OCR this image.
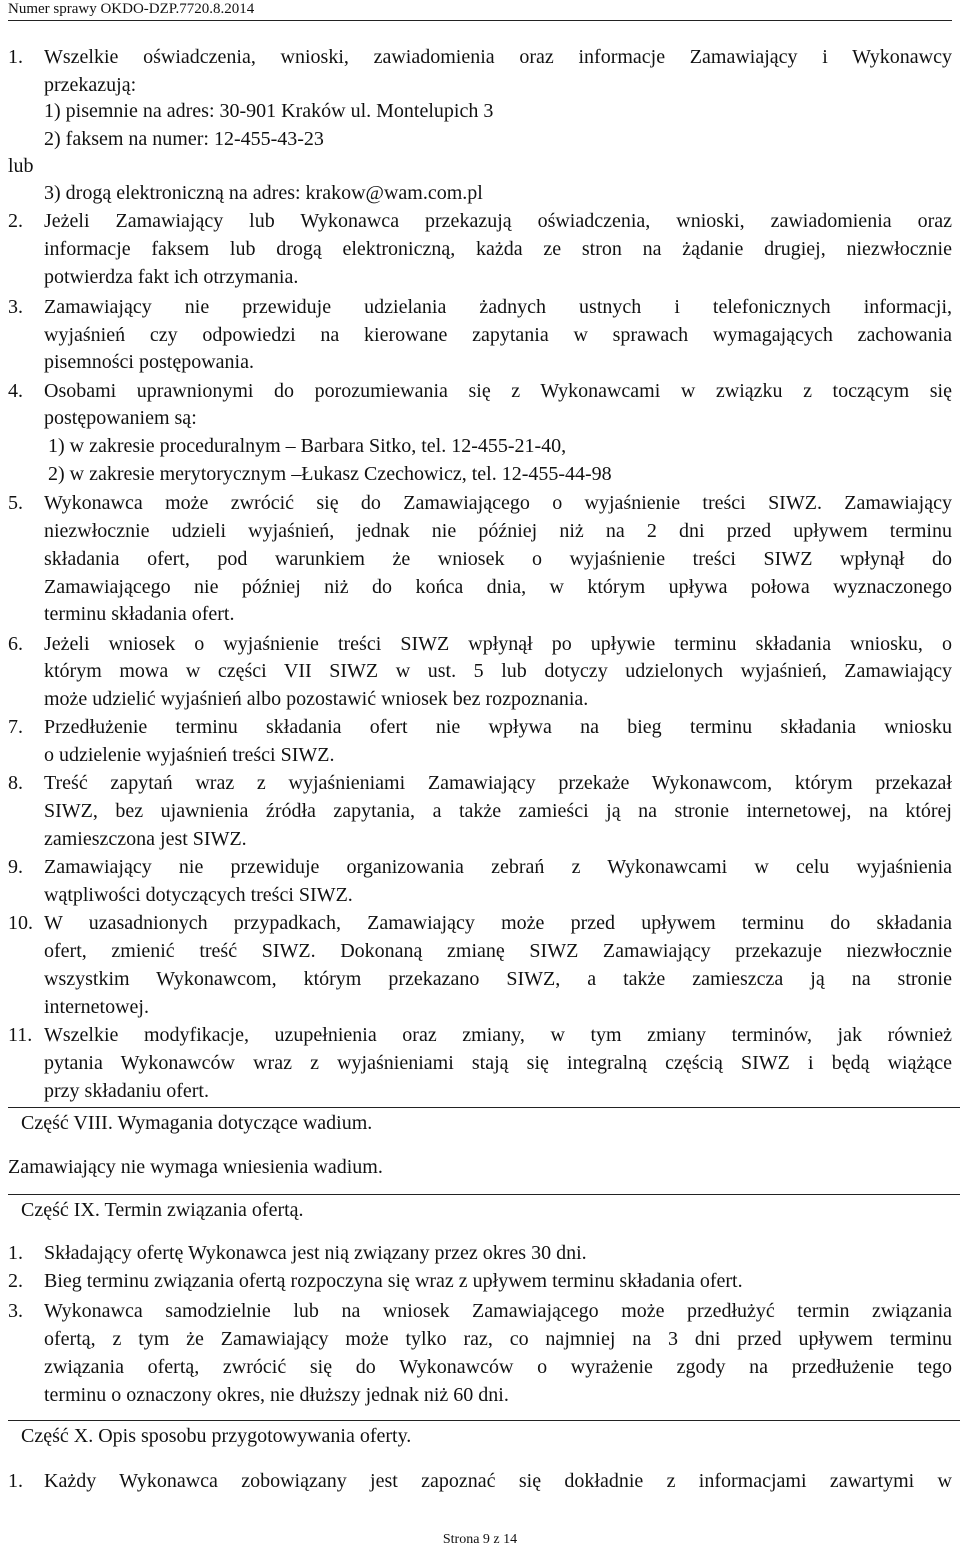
Numer sprawy OKDO-DZP.7720.8.2014
1. Wszelkie oświadczenia, wnioski, zawiadomienia oraz informacje Zamawiający i Wykonawcy
przekazują:
1) pisemnie na adres: 30-901 Kraków ul. Montelupich 3
2) faksem na numer: 12-455-43-23
lub
3) drogą elektroniczną na adres: krakow@wam.com.pl
2. Jeżeli Zamawiający lub Wykonawca przekazują oświadczenia, wnioski, zawiadomienia oraz
informacje faksem lub drogą elektroniczną, każda ze stron na żądanie drugiej, niezwłocznie
potwierdza fakt ich otrzymania.
3. Zamawiający nie przewiduje udzielania żadnych ustnych i telefonicznych informacji,
wyjaśnień czy odpowiedzi na kierowane zapytania w sprawach wymagających zachowania
pisemności postępowania.
4. Osobami uprawnionymi do porozumiewania się z Wykonawcami w związku z toczącym się
postępowaniem są:
1) w zakresie proceduralnym – Barbara Sitko, tel. 12-455-21-40,
2) w zakresie merytorycznym –Łukasz Czechowicz, tel. 12-455-44-98
5. Wykonawca może zwrócić się do Zamawiającego o wyjaśnienie treści SIWZ. Zamawiający
niezwłocznie udzieli wyjaśnień, jednak nie później niż na 2 dni przed upływem terminu
składania ofert, pod warunkiem że wniosek o wyjaśnienie treści SIWZ wpłynął do
Zamawiającego nie później niż do końca dnia, w którym upływa połowa wyznaczonego
terminu składania ofert.
6. Jeżeli wniosek o wyjaśnienie treści SIWZ wpłynął po upływie terminu składania wniosku, o
którym mowa w części VII SIWZ w ust. 5 lub dotyczy udzielonych wyjaśnień, Zamawiający
może udzielić wyjaśnień albo pozostawić wniosek bez rozpoznania.
7. Przedłużenie terminu składania ofert nie wpływa na bieg terminu składania wniosku
o udzielenie wyjaśnień treści SIWZ.
8. Treść zapytań wraz z wyjaśnieniami Zamawiający przekaże Wykonawcom, którym przekazał
SIWZ, bez ujawnienia źródła zapytania, a także zamieści ją na stronie internetowej, na której
zamieszczona jest SIWZ.
9. Zamawiający nie przewiduje organizowania zebrań z Wykonawcami w celu wyjaśnienia
wątpliwości dotyczących treści SIWZ.
10. W uzasadnionych przypadkach, Zamawiający może przed upływem terminu do składania
ofert, zmienić treść SIWZ. Dokonaną zmianę SIWZ Zamawiający przekazuje niezwłocznie
wszystkim Wykonawcom, którym przekazano SIWZ, a także zamieszcza ją na stronie
internetowej.
11. Wszelkie modyfikacje, uzupełnienia oraz zmiany, w tym zmiany terminów, jak również
pytania Wykonawców wraz z wyjaśnieniami stają się integralną częścią SIWZ i będą wiążące
przy składaniu ofert.
Zamawiający nie wymaga wniesienia wadium.
1. Składający ofertę Wykonawca jest nią związany przez okres 30 dni.
2. Bieg terminu związania ofertą rozpoczyna się wraz z upływem terminu składania ofert.
3. Wykonawca samodzielnie lub na wniosek Zamawiającego może przedłużyć termin związania
ofertą, z tym że Zamawiający może tylko raz, co najmniej na 3 dni przed upływem terminu
związania ofertą, zwrócić się do Wykonawców o wyrażenie zgody na przedłużenie tego
terminu o oznaczony okres, nie dłuższy jednak niż 60 dni.
1. Każdy Wykonawca zobowiązany jest zapoznać się dokładnie z informacjami zawartymi w
Część VIII. Wymagania dotyczące wadium.
Część IX. Termin związania ofertą.
Część X. Opis sposobu przygotowywania oferty.
Strona 9 z 14
